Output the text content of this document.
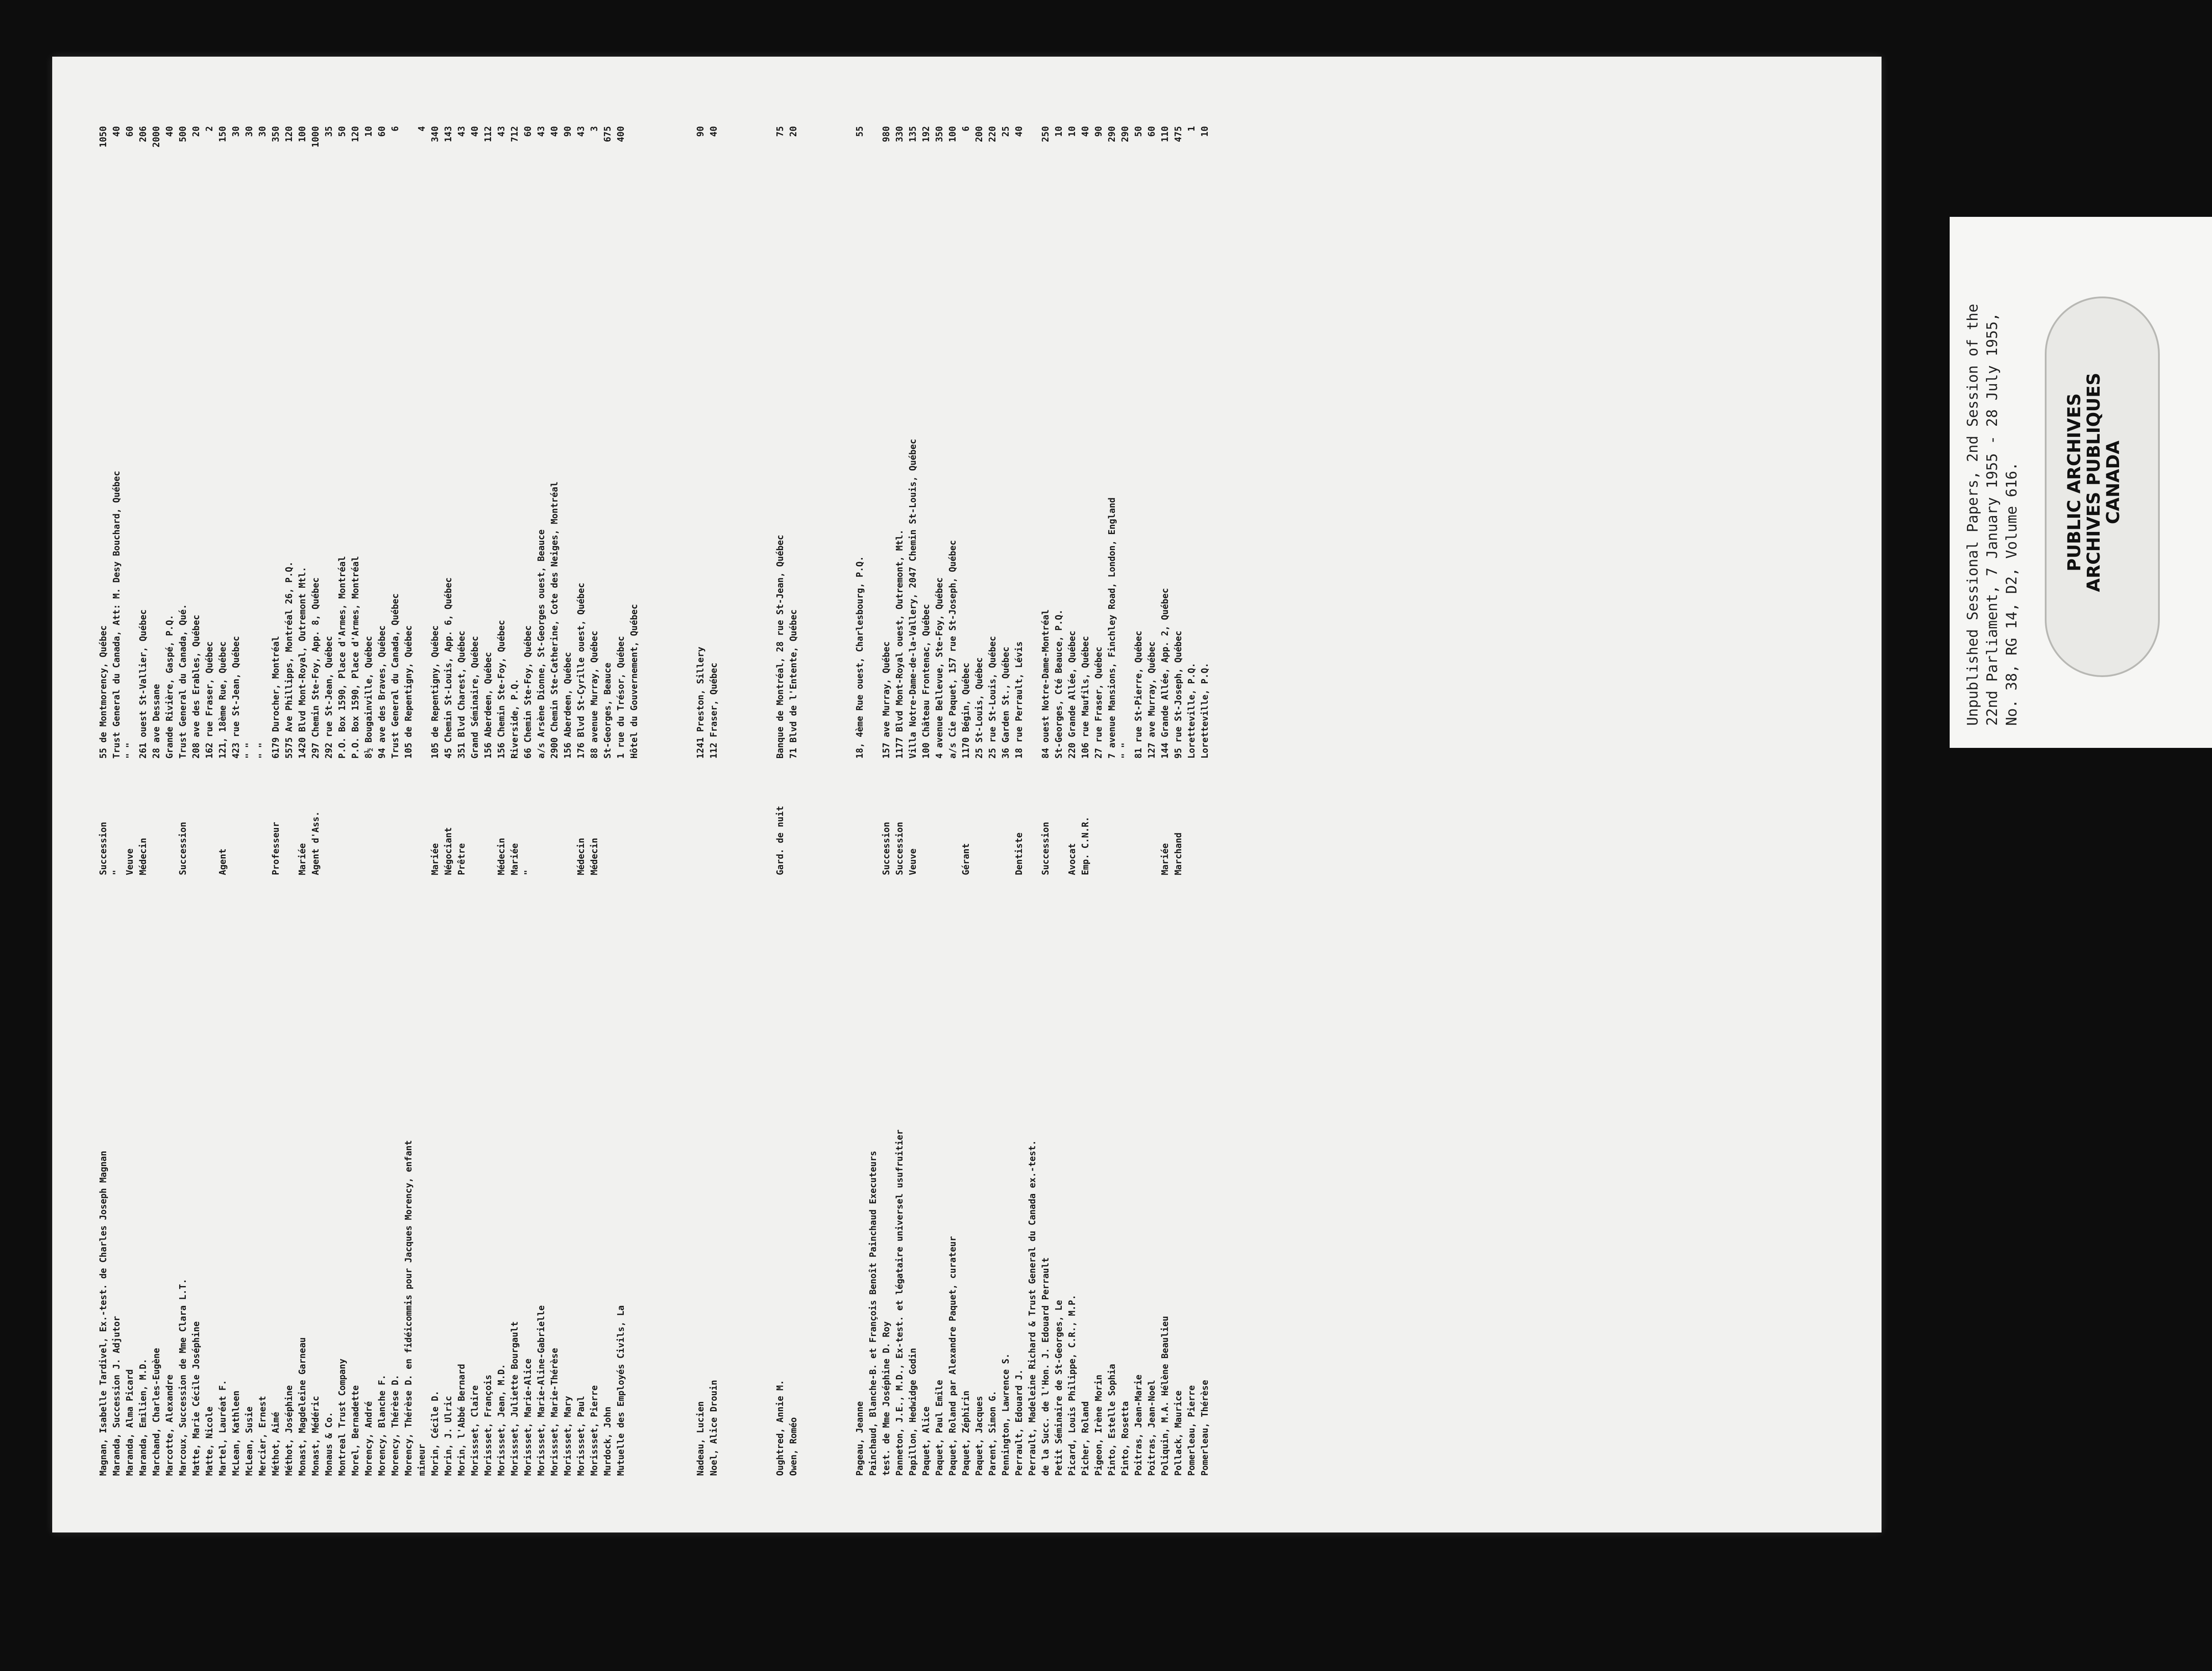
Magnan, Isabelle Tardivel, Ex.-test. de Charles Joseph Magnan
Succession
55 de Montmorency, Québec
1050
Maranda, Succession J. Adjutor
"
Trust General du Canada, Att: M. Desy Bouchard, Québec
40
Maranda, Alma Picard
Veuve
" "
60
Maranda, Emilien, M.D.
Médecin
261 ouest St-Vallier, Québec
206
Marchand, Charles-Eugène
28 ave Dessane
2000
Marcotte, Alexandre
Grande Rivière, Gaspé, P.Q.
40
Marcoux, Succession de Mme Clara L.T.
Succession
Trust General du Canada, Qué.
500
Matte, Marie Cécile Joséphine
208 ave des Erables, Québec
20
Matte, Nicole
162 rue Fraser, Québec
2
Martel, Lauréat F.
Agent
121, 18ème Rue, Québec
150
McLean, Kathleen
423 rue St-Jean, Québec
30
McLean, Susie
" "
30
Mercier, Ernest
" "
30
Méthot, Aimé
Professeur
6179 Durocher, Montréal
350
Méthot, Joséphine
5575 Ave Phillipps, Montréal 26, P.Q.
120
Monast, Magdeleine Garneau
Mariée
1420 Blvd Mont-Royal, Outremont Mtl.
100
Monast, Médéric
Agent d'Ass.
297 Chemin Ste-Foy, App. 8, Québec
1000
Monaus & Co.
292 rue St-Jean, Québec
35
Montreal Trust Company
P.O. Box 1590, Place d'Armes, Montréal
50
Morel, Bernadette
P.O. Box 1590, Place d'Armes, Montréal
120
Morency, André
8½ Bougainville, Québec
10
Morency, Blanche F.
94 ave des Braves, Québec
60
Morency, Thérèse D.
Trust General du Canada, Québec
6
Morency, Thérèse D. en fidéicommis pour Jacques Morency, enfant
105 de Repentigny, Québec
mineur
4
Morin, Cécile D.
Mariée
105 de Repentigny, Québec
340
Morin, J. Ulric
Négociant
45 Chemin St-Louis, App. 6, Québec
143
Morin, l'Abbé Bernard
Prêtre
351 Blvd Charest, Québec
43
Morissset, Claire
Grand Séminaire, Québec
40
Morissset, François
156 Aberdeen, Québec
112
Morissset, Jean, M.D.
Médecin
156 Chemin Ste-Foy, Québec
43
Morissset, Juliette Bourgault
Mariée
Riverside, P.Q.
712
Morissset, Marie-Alice
"
66 Chemin Ste-Foy, Québec
60
Morissset, Marie-Aline-Gabrielle
a/s Arsène Dionne, St-Georges ouest, Beauce
43
Morissset, Marie-Thérèse
2900 Chemin Ste-Catherine, Cote des Neiges, Montréal
40
Morissset, Mary
156 Aberdeen, Québec
90
Morissset, Paul
Médecin
176 Blvd St-Cyrille ouest, Québec
43
Morissset, Pierre
Médecin
88 avenue Murray, Québec
3
Murdock, John
St-Georges, Beauce
675
Mutuelle des Employés Civils, La
1 rue du Trésor, Québec
400
Hôtel du Gouvernement, Québec
Nadeau, Lucien
1241 Preston, Sillery
90
Noel, Alice Drouin
112 Fraser, Québec
40
Oughtred, Annie M.
Gard. de nuit
Banque de Montréal, 28 rue St-Jean, Québec
75
Owen, Roméo
71 Blvd de l'Entente, Québec
20
Pageau, Jeanne
18, 4ème Rue ouest, Charlesbourg, P.Q.
55
Painchaud, Blanche-B. et François Benoît Painchaud Executeurs test. de Mme Joséphine D. Roy
Succession
157 ave Murray, Québec
980
Panneton, J.E., M.D., Ex-test. et légataire universel usufruitier
Succession
1177 Blvd Mont-Royal ouest, Outremont, Mtl.
330
Papillon, Hedwidge Godin
Veuve
Villa Notre-Dame-de-la-Vallery, 2047 Chemin St-Louis, Québec
135
Paquet, Alice
100 Château Frontenac, Québec
192
Paquet, Paul Emile
4 avenue Bellevue, Ste-Foy, Québec
350
Paquet, Roland par Alexandre Paquet, curateur
a/s Cie Paquet, 157 rue St-Joseph, Québec
100
Paquet, Zéphirin
Gérant
1170 Bégin, Québec
6
Paquet, Jacques
25 St-Louis, Québec
200
Parent, Simon G.
25 rue St-Louis, Québec
220
Pennington, Lawrence S.
36 Garden St., Québec
25
Perrault, Edouard J.
Dentiste
18 rue Perrault, Lévis
40
Perrault, Madeleine Richard & Trust General du Canada ex.-test. de la Succ. de l'Hon. J. Edouard Perrault
Succession
84 ouest Notre-Dame-Montréal
250
Petit Séminaire de St-Georges, Le
St-Georges, Cté Beauce, P.Q.
10
Picard, Louis Philippe, C.R., M.P.
Avocat
220 Grande Allée, Québec
10
Picher, Roland
Emp. C.N.R.
106 rue Maufils, Québec
40
Pigeon, Irène Morin
27 rue Fraser, Québec
90
Pinto, Estelle Sophia
7 avenue Mansions, Finchley Road, London, England
290
Pinto, Rosetta
" "
290
Poitras, Jean-Marie
81 rue St-Pierre, Québec
50
Poitras, Jean-Noel
127 ave Murray, Québec
60
Poliquin, M.A. Hélène Beaulieu
Mariée
144 Grande Allée, App. 2, Québec
110
Pollack, Maurice
Marchand
95 rue St-Joseph, Québec
475
Pomerleau, Pierre
Loretteville, P.Q.
1
Pomerleau, Thérèse
Loretteville, P.Q.
10
Unpublished Sessional Papers, 2nd Session of the 22nd Parliament, 7 January 1955 - 28 July 1955, No. 38, RG 14, D2, Volume 616.	PUBLIC ARCHIVES
ARCHIVES PUBLIQUES
CANADA
